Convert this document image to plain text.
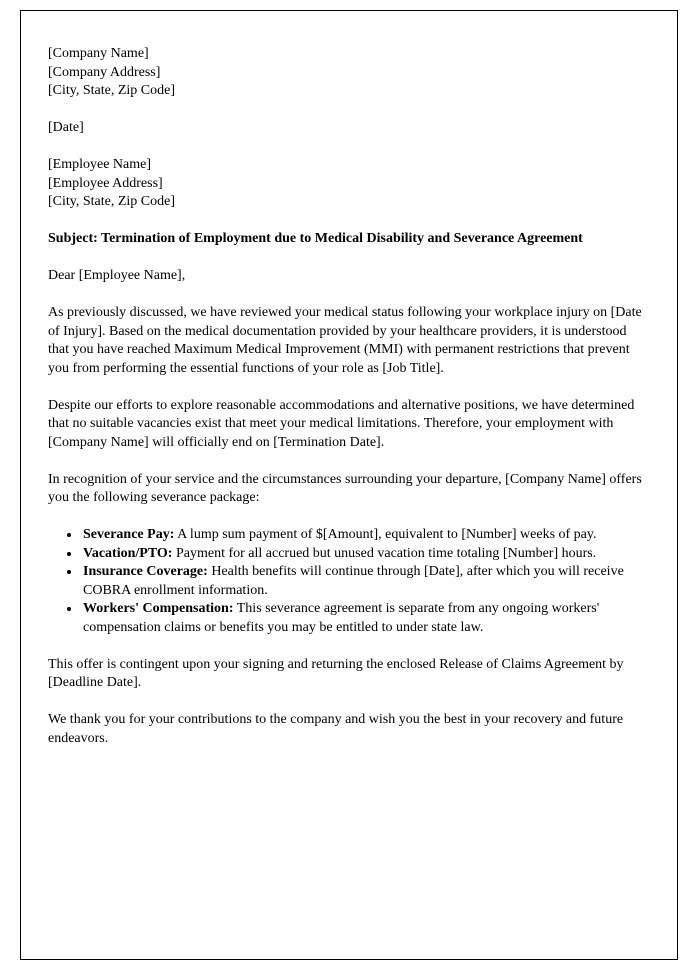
[Company Name]
[Company Address]
[City, State, Zip Code]
[Date]
[Employee Name]
[Employee Address]
[City, State, Zip Code]

Subject: Termination of Employment due to Medical Disability and Severance Agreement

Dear [Employee Name],

As previously discussed, we have reviewed your medical status following your workplace injury on [Date of Injury]. Based on the medical documentation provided by your healthcare providers, it is understood that you have reached Maximum Medical Improvement (MMI) with permanent restrictions that prevent you from performing the essential functions of your role as [Job Title].

Despite our efforts to explore reasonable accommodations and alternative positions, we have determined that no suitable vacancies exist that meet your medical limitations. Therefore, your employment with [Company Name] will officially end on [Termination Date].

In recognition of your service and the circumstances surrounding your departure, [Company Name] offers you the following severance package:

• Severance Pay: A lump sum payment of $[Amount], equivalent to [Number] weeks of pay.
• Vacation/PTO: Payment for all accrued but unused vacation time totaling [Number] hours.
• Insurance Coverage: Health benefits will continue through [Date], after which you will receive COBRA enrollment information.
• Workers' Compensation: This severance agreement is separate from any ongoing workers' compensation claims or benefits you may be entitled to under state law.

This offer is contingent upon your signing and returning the enclosed Release of Claims Agreement by [Deadline Date].

We thank you for your contributions to the company and wish you the best in your recovery and future endeavors.
